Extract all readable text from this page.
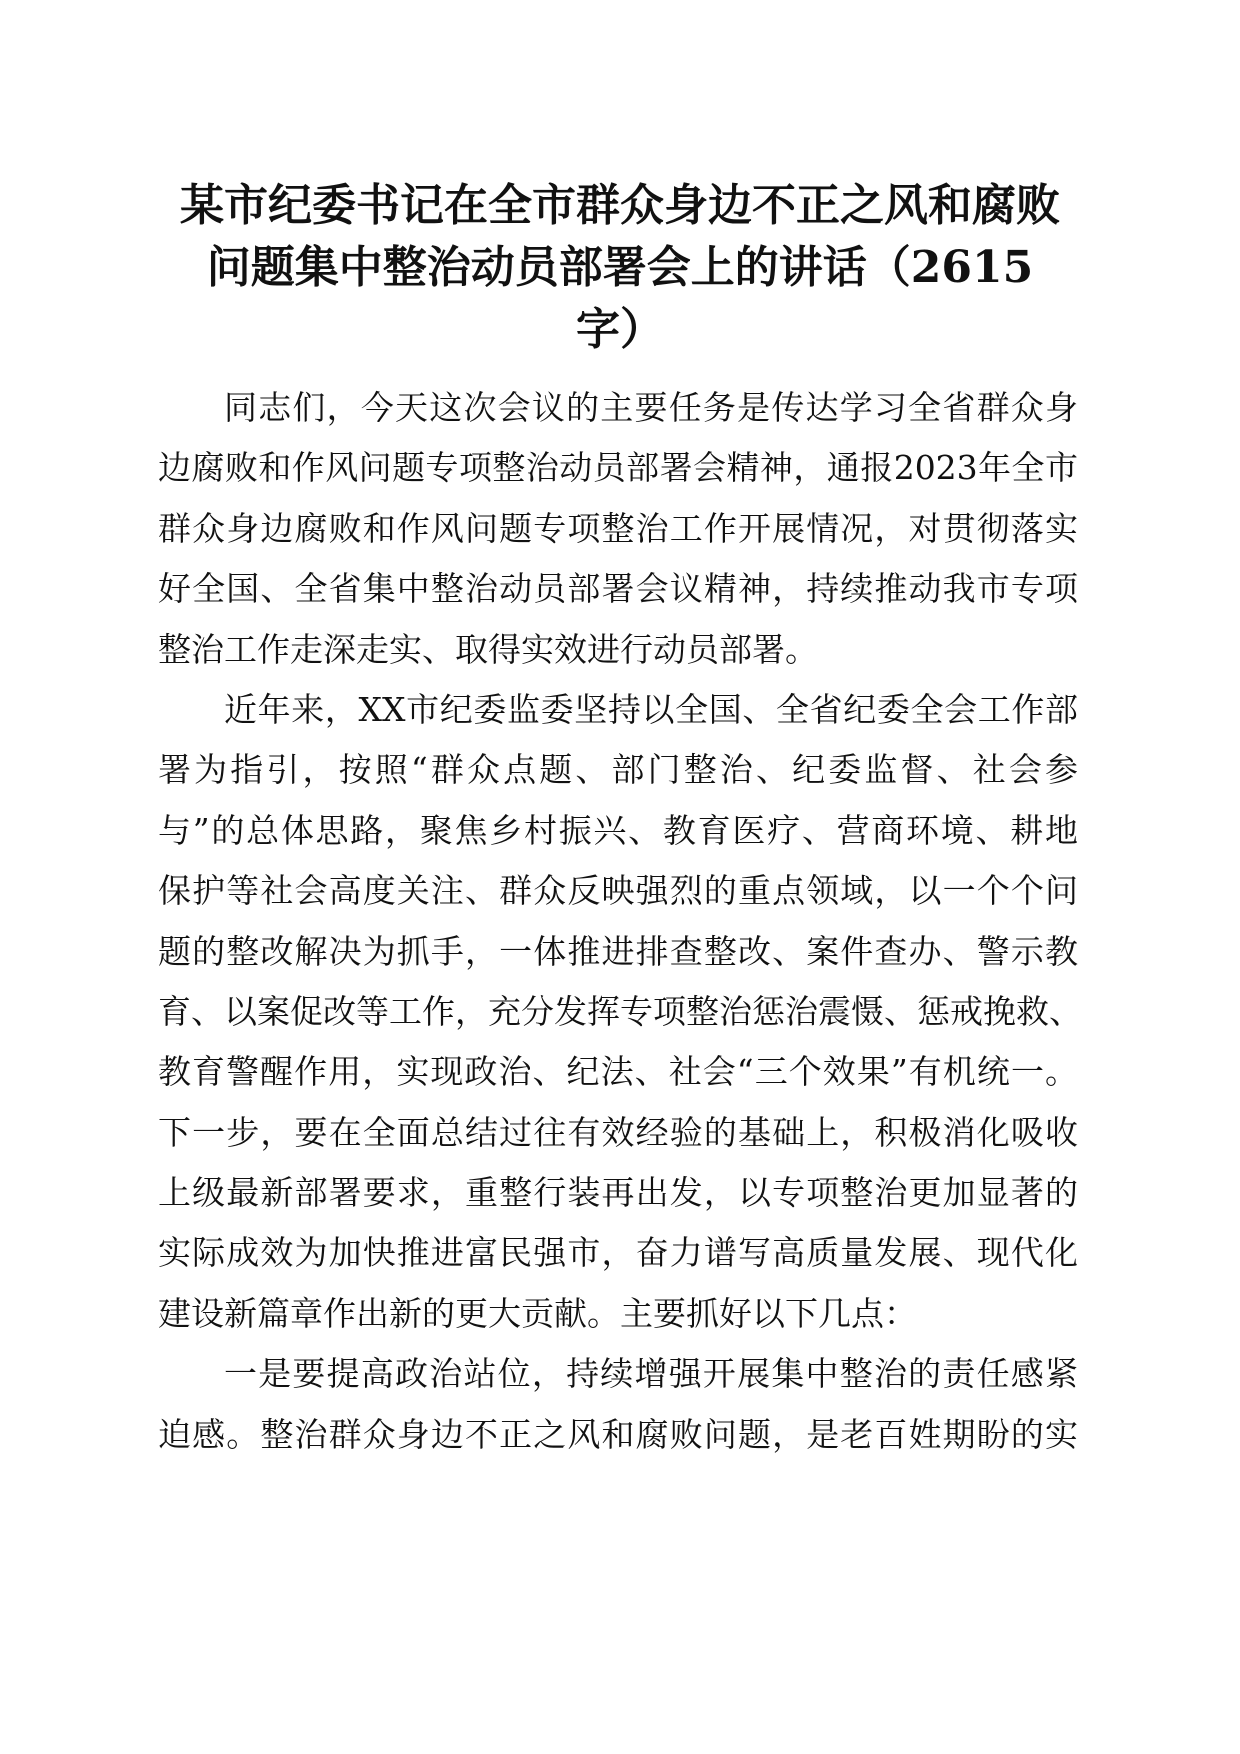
某市纪委书记在全市群众身边不正之风和腐败
问题集中整治动员部署会上的讲话（2615
字）
同志们，今天这次会议的主要任务是传达学习全省群众身
边腐败和作风问题专项整治动员部署会精神，通报2023年全市
群众身边腐败和作风问题专项整治工作开展情况，对贯彻落实
好全国、全省集中整治动员部署会议精神，持续推动我市专项
整治工作走深走实、取得实效进行动员部署。
近年来，XX市纪委监委坚持以全国、全省纪委全会工作部
署为指引，按照“群众点题、部门整治、纪委监督、社会参
与”的总体思路，聚焦乡村振兴、教育医疗、营商环境、耕地
保护等社会高度关注、群众反映强烈的重点领域，以一个个问
题的整改解决为抓手，一体推进排查整改、案件查办、警示教
育、以案促改等工作，充分发挥专项整治惩治震慑、惩戒挽救、
教育警醒作用，实现政治、纪法、社会“三个效果”有机统一。
下一步，要在全面总结过往有效经验的基础上，积极消化吸收
上级最新部署要求，重整行装再出发，以专项整治更加显著的
实际成效为加快推进富民强市，奋力谱写高质量发展、现代化
建设新篇章作出新的更大贡献。主要抓好以下几点：
一是要提高政治站位，持续增强开展集中整治的责任感紧
迫感。整治群众身边不正之风和腐败问题，是老百姓期盼的实
